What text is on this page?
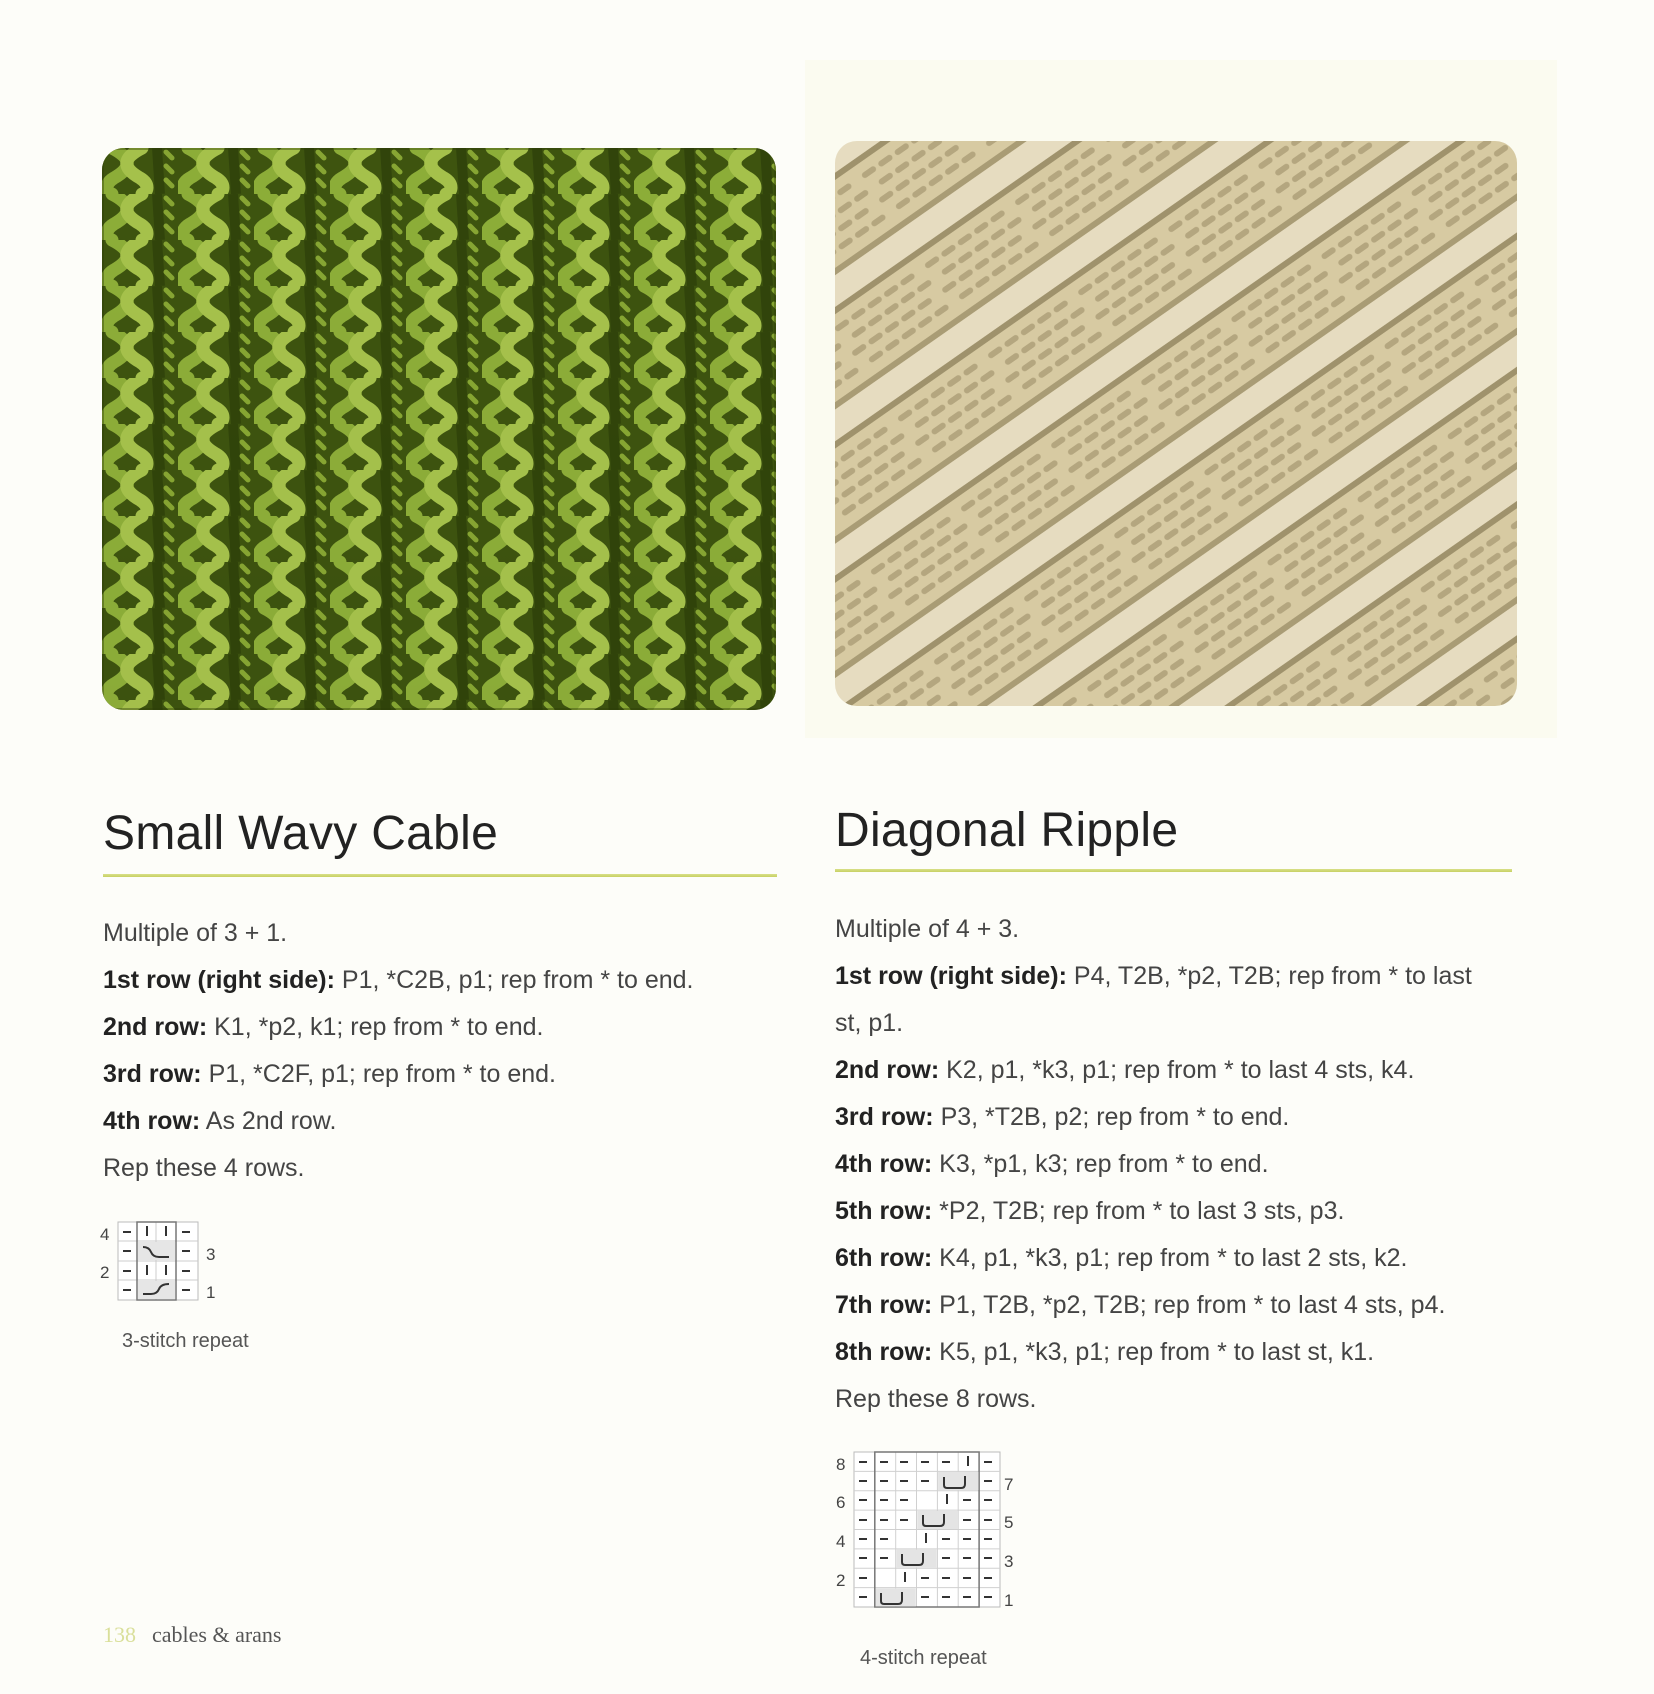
Small Wavy Cable

Multiple of 3 + 1.

1st row (right side): P1, *C2B, p1; rep from * to end.

2nd row: K1, *p2, k1; rep from * to end.

3rd row: P1, *C2F, p1; rep from * to end.

4th row: As 2nd row.

Rep these 4 rows.

4
2
3
1
3-stitch repeat
Diagonal Ripple

Multiple of 4 + 3.

1st row (right side): P4, T2B, *p2, T2B; rep from * to last

st, p1.

2nd row: K2, p1, *k3, p1; rep from * to last 4 sts, k4.

3rd row: P3, *T2B, p2; rep from * to end.

4th row: K3, *p1, k3; rep from * to end.

5th row: *P2, T2B; rep from * to last 3 sts, p3.

6th row: K4, p1, *k3, p1; rep from * to last 2 sts, k2.

7th row: P1, T2B, *p2, T2B; rep from * to last 4 sts, p4.

8th row: K5, p1, *k3, p1; rep from * to last st, k1.

Rep these 8 rows.

8
6
4
2
7
5
3
1
4-stitch repeat
138 cables & arans
